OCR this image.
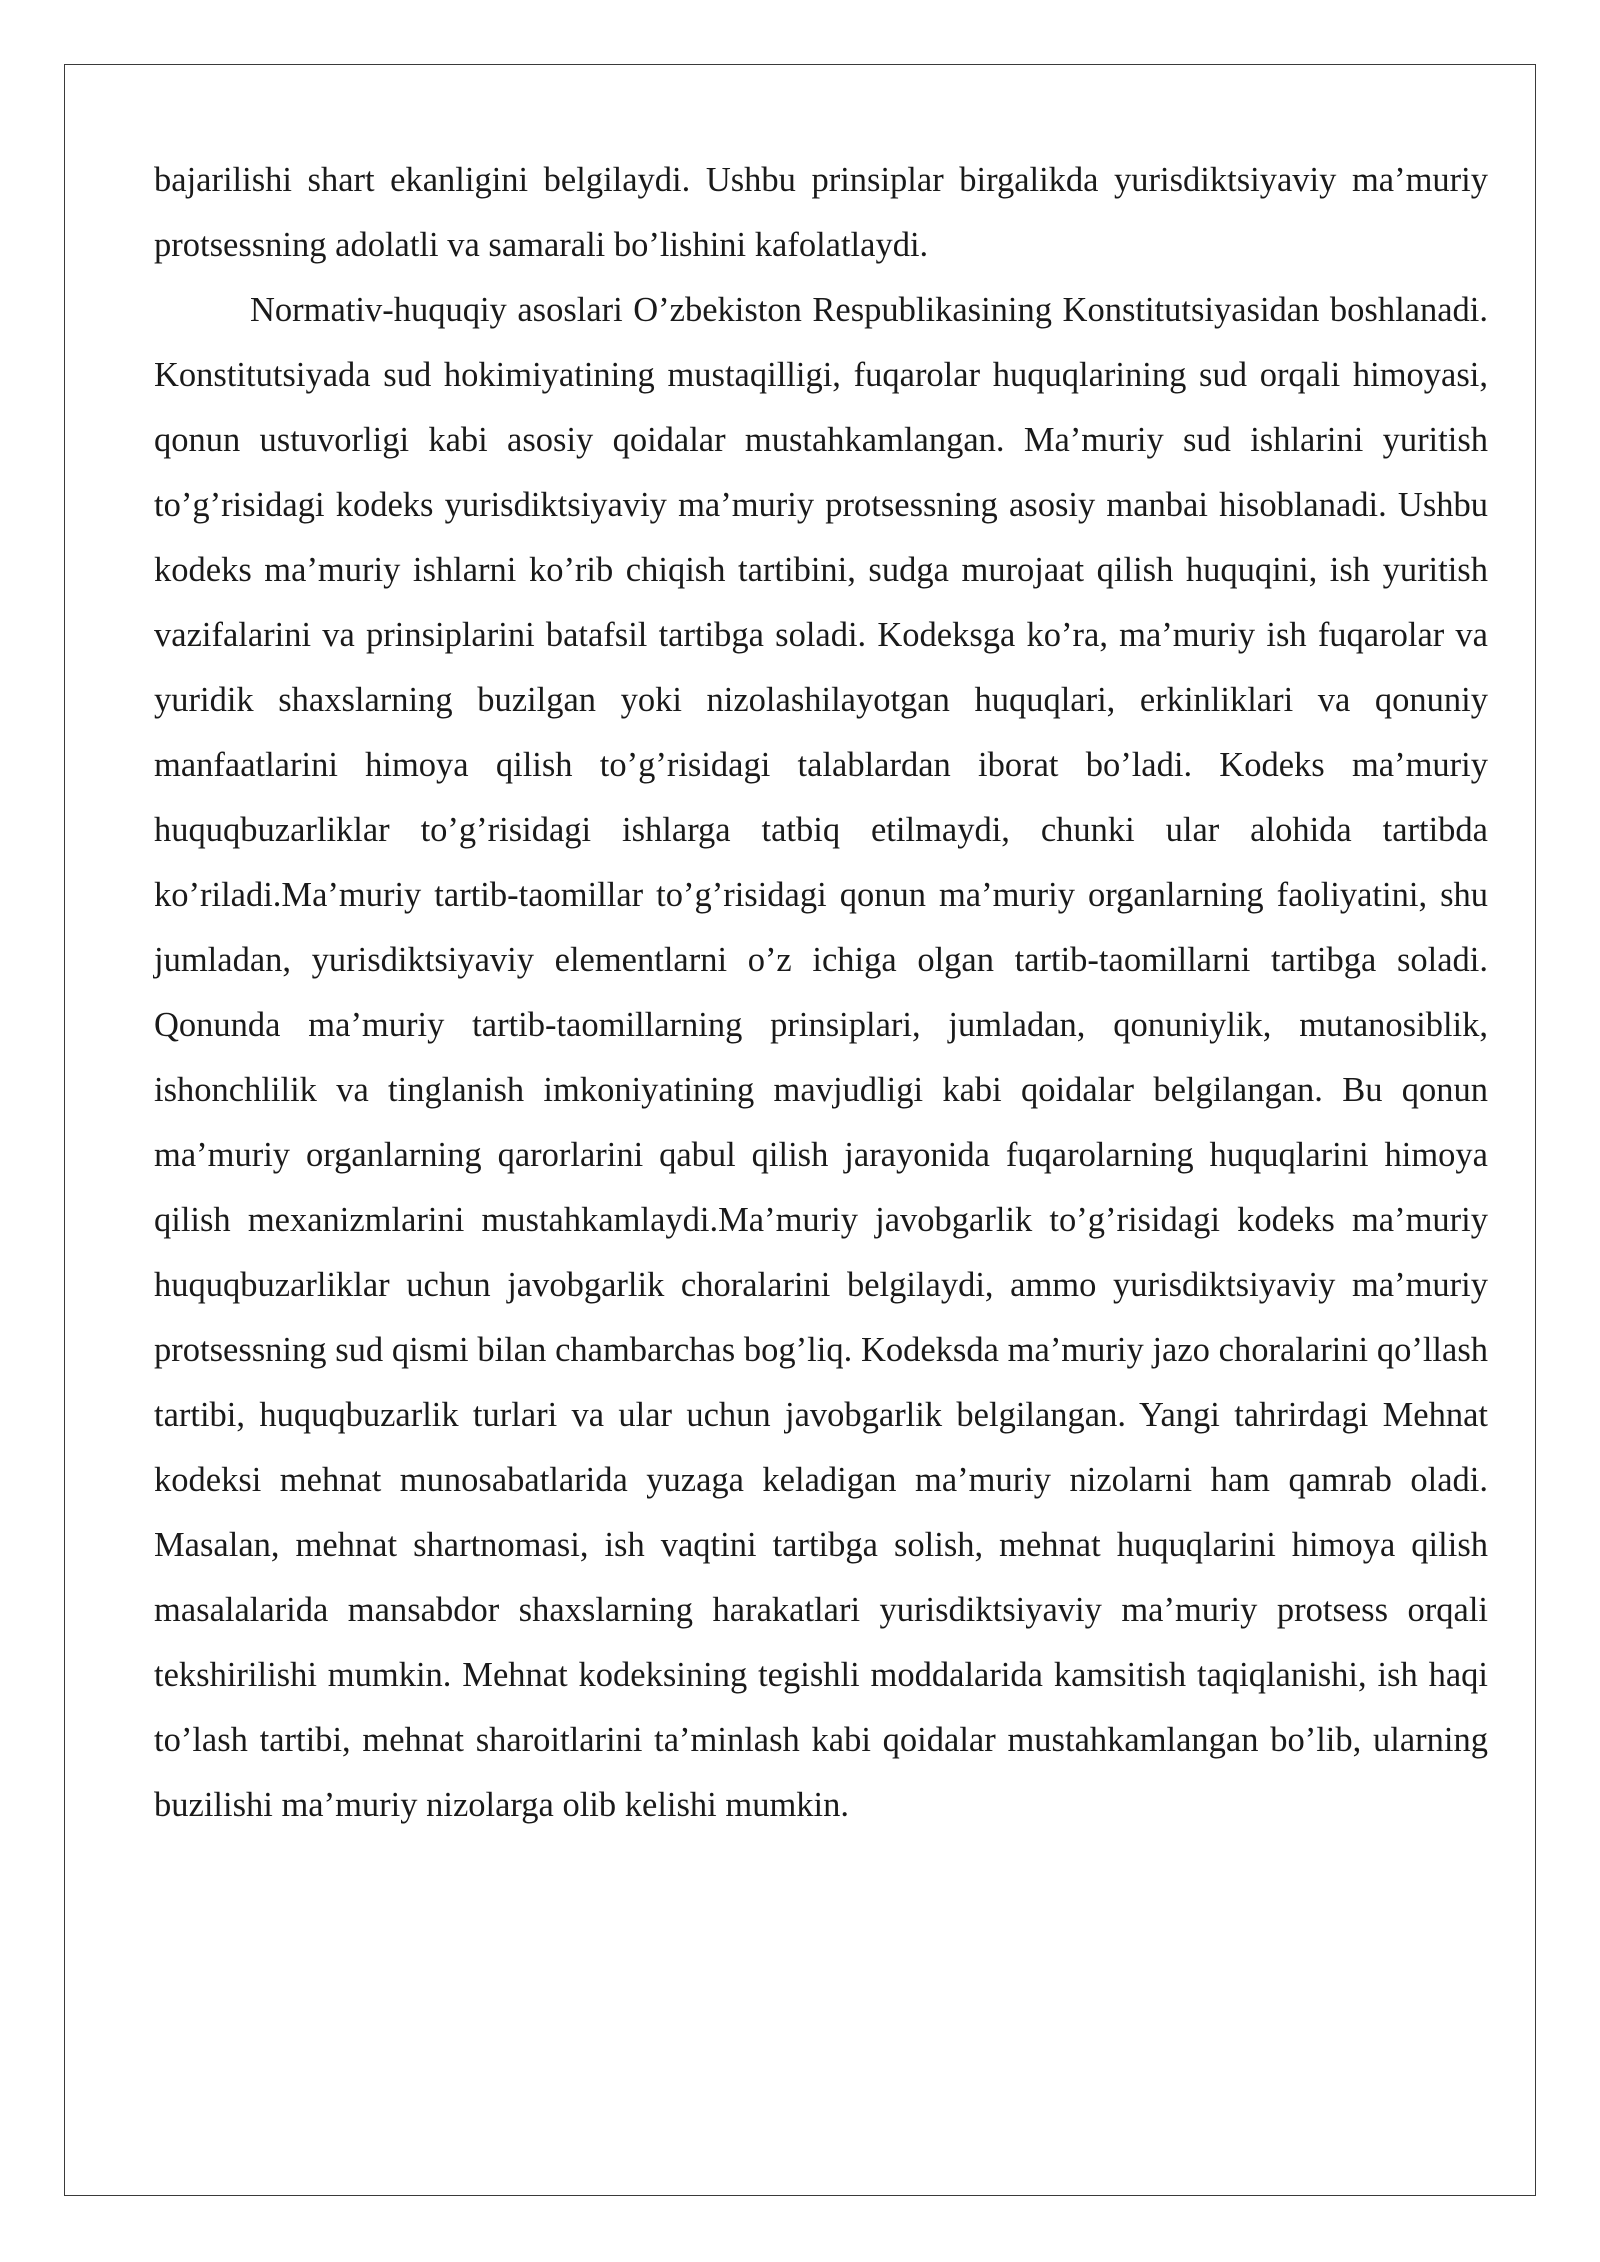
bajarilishi shart ekanligini belgilaydi. Ushbu prinsiplar birgalikda yurisdiktsiyaviy ma’muriy protsessning adolatli va samarali bo’lishini kafolatlaydi.

Normativ-huquqiy asoslari O’zbekiston Respublikasining Konstitutsiyasidan boshlanadi. Konstitutsiyada sud hokimiyatining mustaqilligi, fuqarolar huquqlarining sud orqali himoyasi, qonun ustuvorligi kabi asosiy qoidalar mustahkamlangan. Ma’muriy sud ishlarini yuritish to’g’risidagi kodeks yurisdiktsiyaviy ma’muriy protsessning asosiy manbai hisoblanadi. Ushbu kodeks ma’muriy ishlarni ko’rib chiqish tartibini, sudga murojaat qilish huquqini, ish yuritish vazifalarini va prinsiplarini batafsil tartibga soladi. Kodeksga ko’ra, ma’muriy ish fuqarolar va yuridik shaxslarning buzilgan yoki nizolashilayotgan huquqlari, erkinliklari va qonuniy manfaatlarini himoya qilish to’g’risidagi talablardan iborat bo’ladi. Kodeks ma’muriy huquqbuzarliklar to’g’risidagi ishlarga tatbiq etilmaydi, chunki ular alohida tartibda ko’riladi.Ma’muriy tartib-taomillar to’g’risidagi qonun ma’muriy organlarning faoliyatini, shu jumladan, yurisdiktsiyaviy elementlarni o’z ichiga olgan tartib-taomillarni tartibga soladi. Qonunda ma’muriy tartib-taomillarning prinsiplari, jumladan, qonuniylik, mutanosiblik, ishonchlilik va tinglanish imkoniyatining mavjudligi kabi qoidalar belgilangan. Bu qonun ma’muriy organlarning qarorlarini qabul qilish jarayonida fuqarolarning huquqlarini himoya qilish mexanizmlarini mustahkamlaydi.Ma’muriy javobgarlik to’g’risidagi kodeks ma’muriy huquqbuzarliklar uchun javobgarlik choralarini belgilaydi, ammo yurisdiktsiyaviy ma’muriy protsessning sud qismi bilan chambarchas bog’liq. Kodeksda ma’muriy jazo choralarini qo’llash tartibi, huquqbuzarlik turlari va ular uchun javobgarlik belgilangan. Yangi tahrirdagi Mehnat kodeksi mehnat munosabatlarida yuzaga keladigan ma’muriy nizolarni ham qamrab oladi. Masalan, mehnat shartnomasi, ish vaqtini tartibga solish, mehnat huquqlarini himoya qilish masalalarida mansabdor shaxslarning harakatlari yurisdiktsiyaviy ma’muriy protsess orqali tekshirilishi mumkin. Mehnat kodeksining tegishli moddalarida kamsitish taqiqlanishi, ish haqi to’lash tartibi, mehnat sharoitlarini ta’minlash kabi qoidalar mustahkamlangan bo’lib, ularning buzilishi ma’muriy nizolarga olib kelishi mumkin.
